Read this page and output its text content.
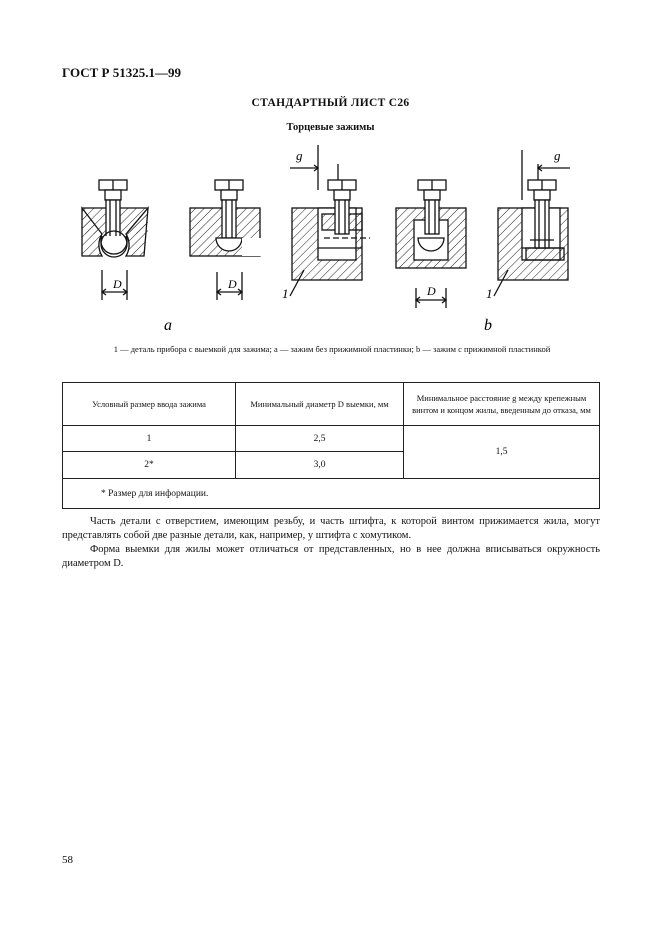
ГОСТ Р 51325.1—99
СТАНДАРТНЫЙ ЛИСТ С26
Торцевые зажимы
D	D
g
1	D
g
1
a	b
1 — деталь прибора с выемкой для зажима; a — зажим без прижимной пластинки; b — зажим с прижимной пластинкой
Условный размер ввода зажима	Минимальный диаметр D выемки, мм	Минимальное расстояние g между крепежным винтом и концом жилы, введенным до отказа, мм
1	2,5	1,5
2*	3,0	
* Размер для информации.		

Часть детали с отверстием, имеющим резьбу, и часть штифта, к которой винтом прижимается жила, могут представлять собой две разные детали, как, например, у штифта с хомутиком.

Форма выемки для жилы может отличаться от представленных, но в нее должна вписываться окружность диаметром D.

58
